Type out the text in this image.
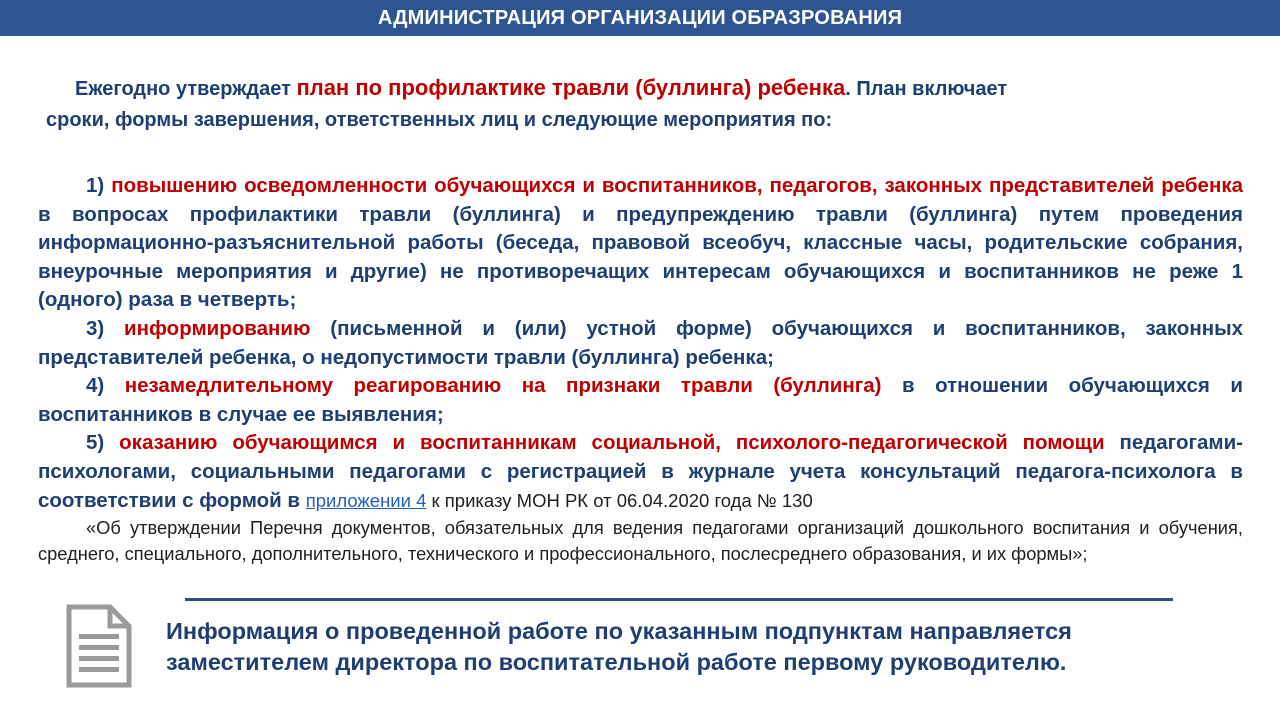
АДМИНИСТРАЦИЯ ОРГАНИЗАЦИИ ОБРАЗРОВАНИЯ
Ежегодно утверждает план по профилактике травли (буллинга) ребенка. План включает
сроки, формы завершения, ответственных лиц и следующие мероприятия по:

1) повышению осведомленности обучающихся и воспитанников, педагогов, законных представителей ребенка в вопросах профилактики травли (буллинга) и предупреждению травли (буллинга) путем проведения информационно-разъяснительной работы (беседа, правовой всеобуч, классные часы, родительские собрания, внеурочные мероприятия и другие) не противоречащих интересам обучающихся и воспитанников не реже 1 (одного) раза в четверть;

3) информированию (письменной и (или) устной форме) обучающихся и воспитанников, законных представителей ребенка, о недопустимости травли (буллинга) ребенка;

4) незамедлительному реагированию на признаки травли (буллинга) в отношении обучающихся и воспитанников в случае ее выявления;

5) оказанию обучающимся и воспитанникам социальной, психолого-педагогической помощи педагогами-психологами, социальными педагогами с регистрацией в журнале учета консультаций педагога-психолога в соответствии с формой в приложении 4 к приказу МОН РК от 06.04.2020 года № 130

«Об утверждении Перечня документов, обязательных для ведения педагогами организаций дошкольного воспитания и обучения, среднего, специального, дополнительного, технического и профессионального, послесреднего образования, и их формы»;

Информация о проведенной работе по указанным подпунктам направляется
заместителем директора по воспитательной работе первому руководителю.
